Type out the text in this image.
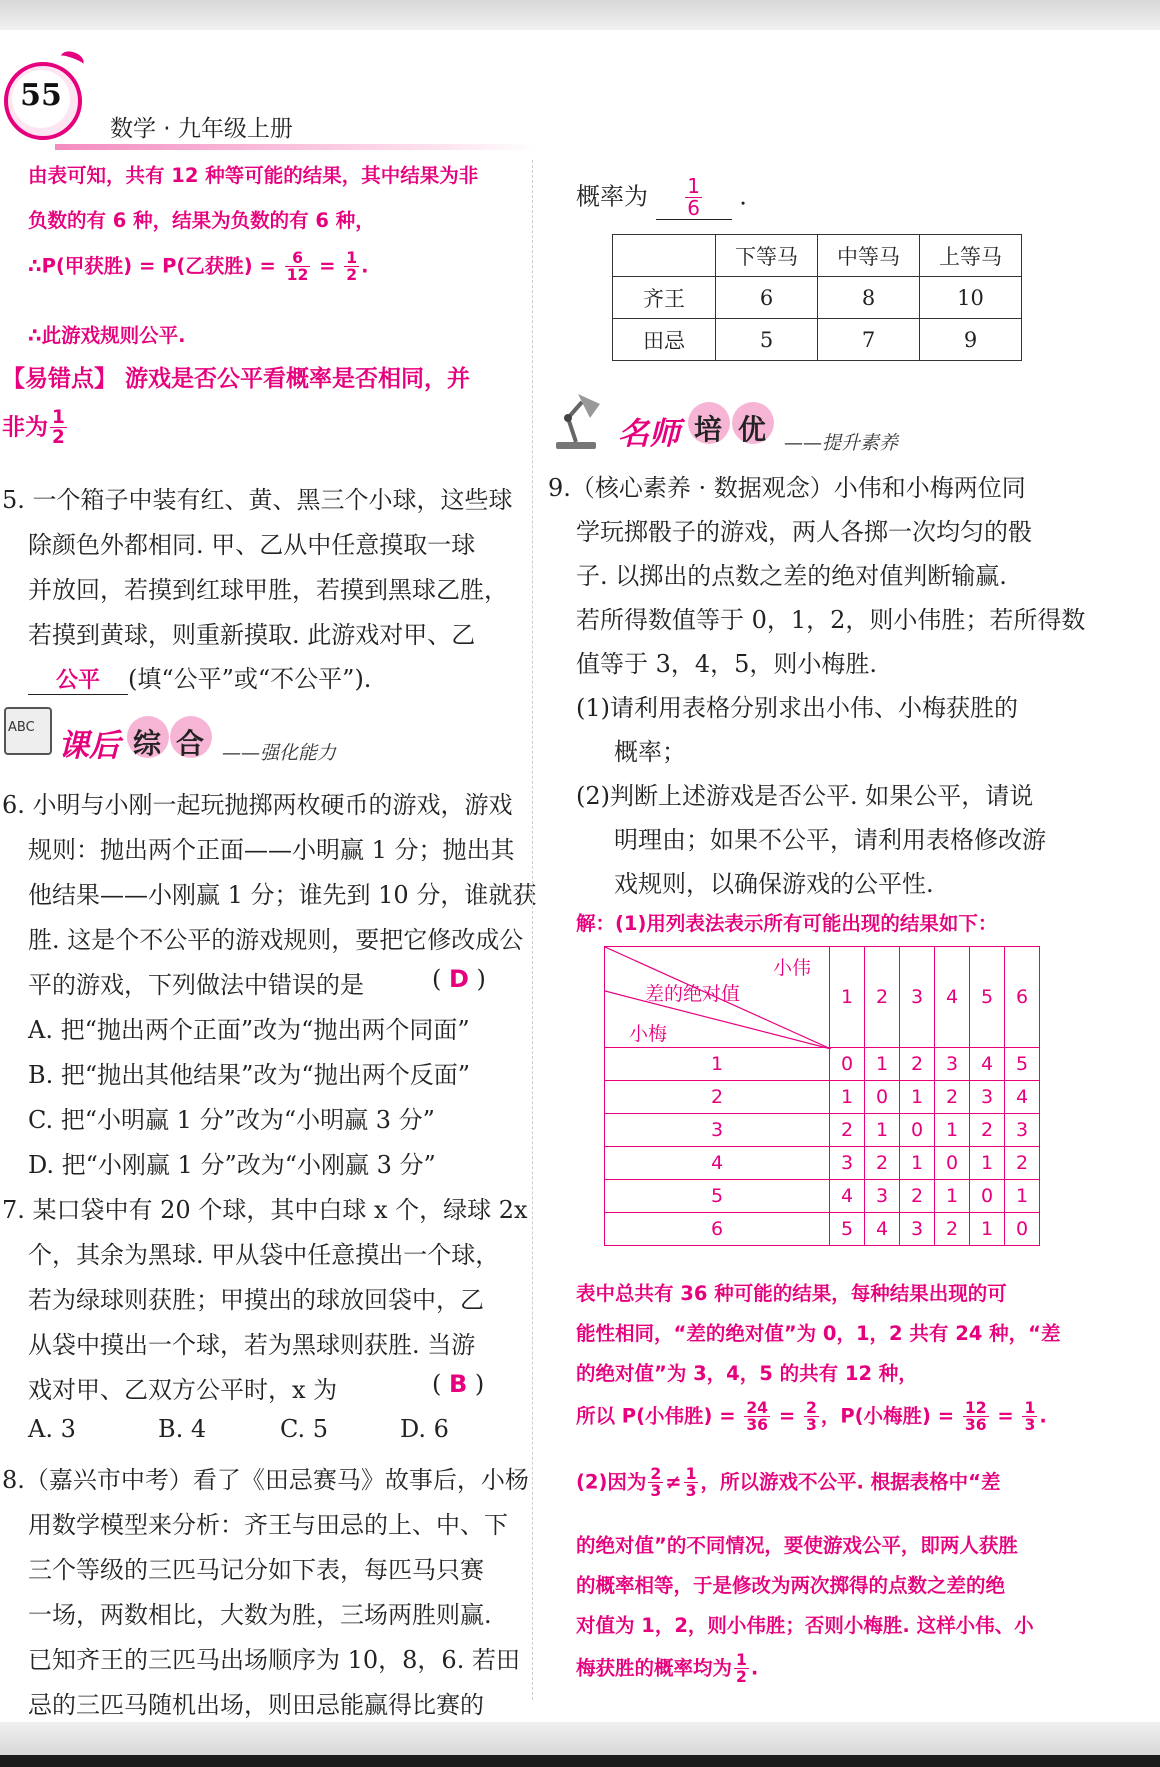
55
数学 · 九年级上册
由表可知，共有 12 种等可能的结果，其中结果为非
负数的有 6 种，结果为负数的有 6 种，
∴P(甲获胜) = P(乙获胜) = $\frac{6}{12} = \frac{1}{2}$ .
∴此游戏规则公平.
【易错点】 游戏是否公平看概率是否相同，并
非为 $\frac{1}{2}$
5. 一个箱子中装有红、黄、黑三个小球，这些球
除颜色外都相同. 甲、乙从中任意摸取一球
并放回，若摸到红球甲胜，若摸到黑球乙胜，
若摸到黄球，则重新摸取. 此游戏对甲、乙
公平 (填“公平”或“不公平”).
ABC
课后 综 合 ——强化能力
6. 小明与小刚一起玩抛掷两枚硬币的游戏，游戏
规则：抛出两个正面——小明赢 1 分；抛出其
他结果——小刚赢 1 分；谁先到 10 分，谁就获
胜. 这是个不公平的游戏规则，要把它修改成公
平的游戏，下列做法中错误的是	( D )
A. 把“抛出两个正面”改为“抛出两个同面”
B. 把“抛出其他结果”改为“抛出两个反面”
C. 把“小明赢 1 分”改为“小明赢 3 分”
D. 把“小刚赢 1 分”改为“小刚赢 3 分”
7. 某口袋中有 20 个球，其中白球 x 个，绿球 2x
个，其余为黑球. 甲从袋中任意摸出一个球，
若为绿球则获胜；甲摸出的球放回袋中，乙
从袋中摸出一个球，若为黑球则获胜. 当游
戏对甲、乙双方公平时，x 为	( B )
A. 3	B. 4	C. 5	D. 6
8.（嘉兴市中考）看了《田忌赛马》故事后，小杨
用数学模型来分析：齐王与田忌的上、中、下
三个等级的三匹马记分如下表，每匹马只赛
一场，两数相比，大数为胜，三场两胜则赢.
已知齐王的三匹马出场顺序为 10，8，6. 若田
忌的三匹马随机出场，则田忌能赢得比赛的
概率为 $\frac{1}{6}$ .
	下等马	中等马	上等马
齐王	6	8	10
田忌	5	7	9
名师 培 优 ——提升素养
9.（核心素养 · 数据观念）小伟和小梅两位同
学玩掷骰子的游戏，两人各掷一次均匀的骰
子. 以掷出的点数之差的绝对值判断输赢.
若所得数值等于 0，1，2，则小伟胜；若所得数
值等于 3，4，5，则小梅胜.
(1)请利用表格分别求出小伟、小梅获胜的
概率；
(2)判断上述游戏是否公平. 如果公平，请说
明理由；如果不公平，请利用表格修改游
戏规则，以确保游戏的公平性.
解：(1)用列表法表示所有可能出现的结果如下：
小伟
差的绝对值
小梅	1	2	3	4	5	6
1	0	1	2	3	4	5
2	1	0	1	2	3	4
3	2	1	0	1	2	3
4	3	2	1	0	1	2
5	4	3	2	1	0	1
6	5	4	3	2	1	0
表中总共有 36 种可能的结果，每种结果出现的可
能性相同，“差的绝对值”为 0，1，2 共有 24 种，“差
的绝对值”为 3，4，5 的共有 12 种，
所以 P(小伟胜) = $\frac{24}{36} = \frac{2}{3}$ ，P(小梅胜) = $\frac{12}{36} = \frac{1}{3}$ .
(2)因为 $\frac{2}{3} \ne \frac{1}{3}$ ，所以游戏不公平. 根据表格中“差
的绝对值”的不同情况，要使游戏公平，即两人获胜
的概率相等，于是修改为两次掷得的点数之差的绝
对值为 1，2，则小伟胜；否则小梅胜. 这样小伟、小
梅获胜的概率均为 $\frac{1}{2}$ .
